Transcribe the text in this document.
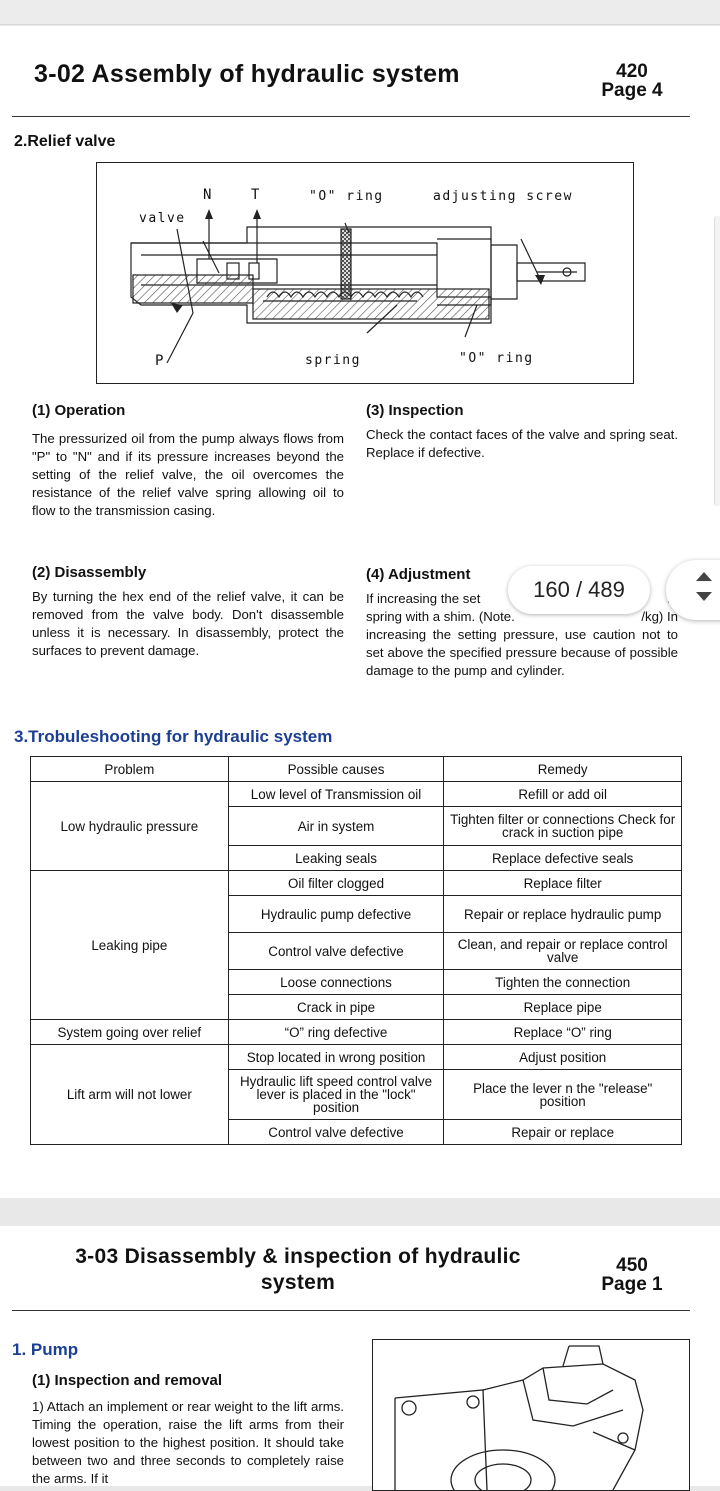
3-02 Assembly of hydraulic system	420
Page 4
2.Relief valve
N	T	"O" ring	adjusting screw
valve
P	spring	"O" ring
(1) Operation
The pressurized oil from the pump always flows from "P" to "N" and if its pressure increases beyond the setting of the relief valve, the oil overcomes the resistance of the relief valve spring allowing oil to flow to the transmission casing.
(3) Inspection
Check the contact faces of the valve and spring seat. Replace if defective.
(2) Disassembly
By turning the hex end of the relief valve, it can be removed from the valve body. Don't disassemble unless it is necessary. In disassembly, protect the surfaces to prevent damage.
(4) Adjustment
If increasing the set
spring with a shim. (Note.	/kg) In
increasing the setting pressure, use caution not to set above the specified pressure because of possible damage to the pump and cylinder.
3.Trobuleshooting for hydraulic system
Problem	Possible causes	Remedy
Low hydraulic pressure	Low level of Transmission oil	Refill or add oil
	Air in system	Tighten filter or connections Check for crack in suction pipe
	Leaking seals	Replace defective seals
Leaking pipe	Oil filter clogged	Replace filter
	Hydraulic pump defective	Repair or replace hydraulic pump
	Control valve defective	Clean, and repair or replace control valve
	Loose connections	Tighten the connection
	Crack in pipe	Replace pipe
System going over relief	“O” ring defective	Replace “O” ring
Lift arm will not lower	Stop located in wrong position	Adjust position
	Hydraulic lift speed control valve lever is placed in the "lock" position	Place the lever n the "release" position
	Control valve defective	Repair or replace
3-03 Disassembly & inspection of hydraulic
system
450
Page 1
1. Pump
(1) Inspection and removal
1) Attach an implement or rear weight to the lift arms. Timing the operation, raise the lift arms from their lowest position to the highest position. It should take between two and three seconds to completely raise the arms. If it
160 / 489
